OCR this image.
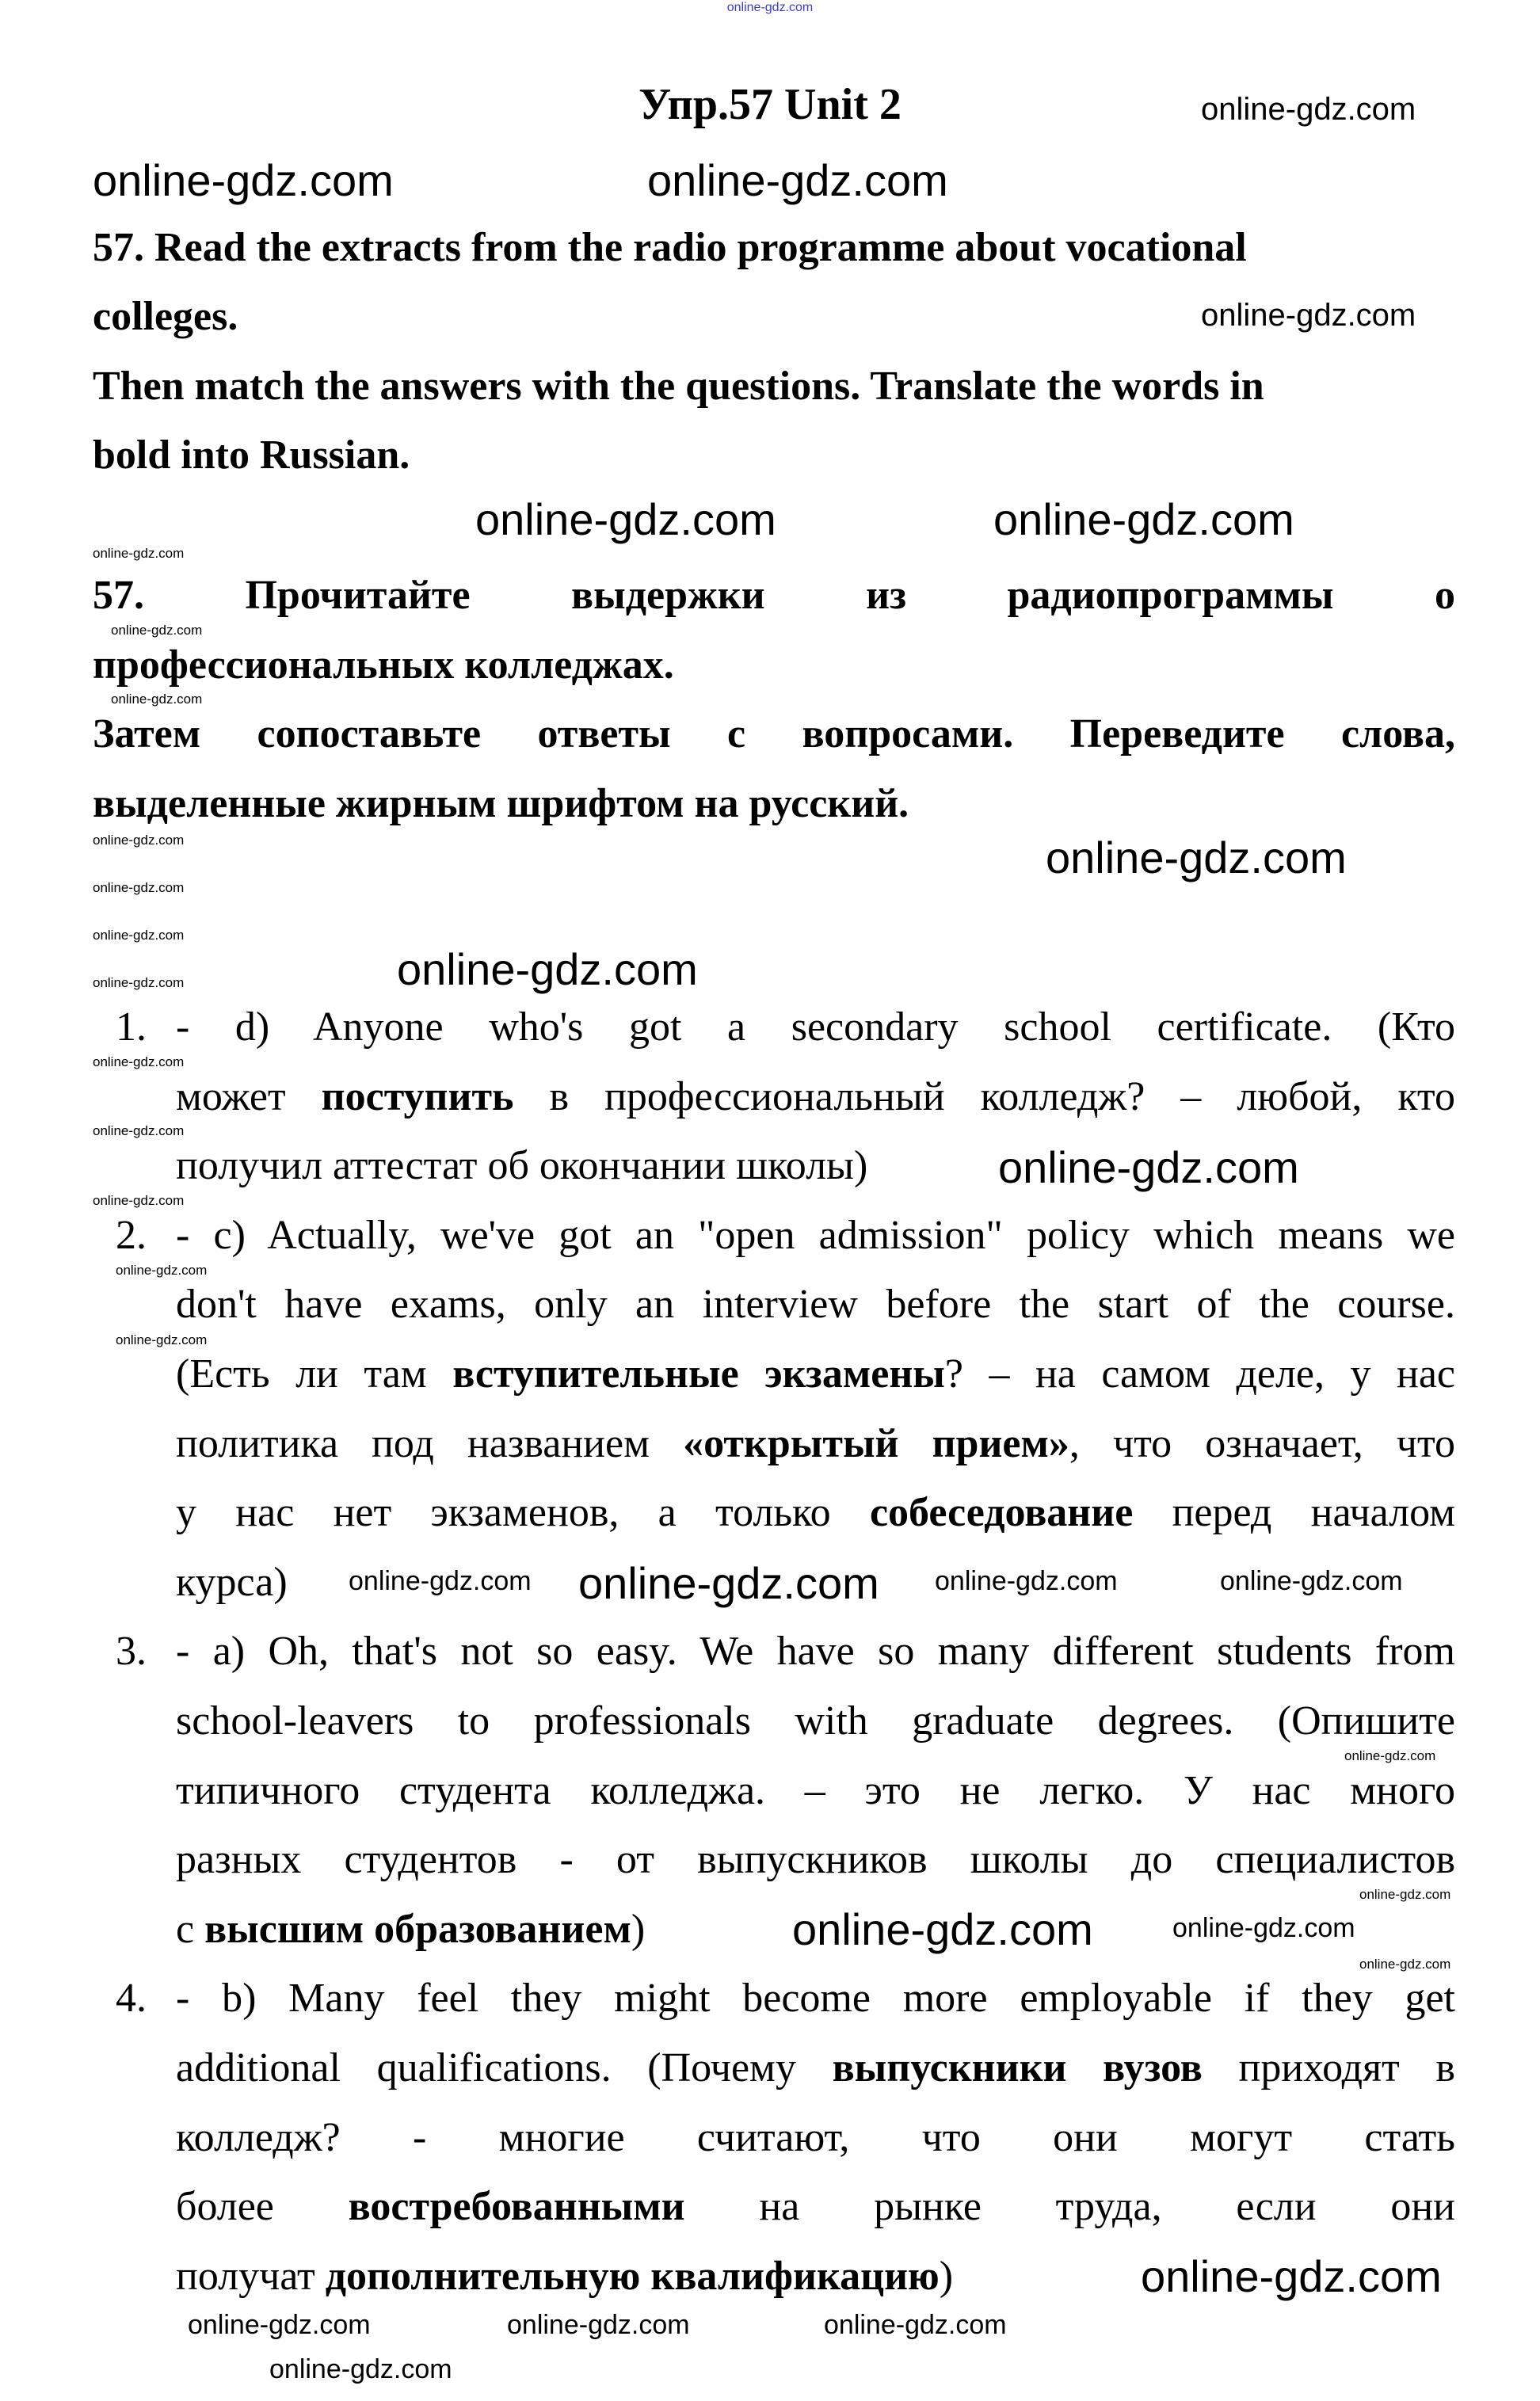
online-gdz.com
Упр.57 Unit 2
57. Read the extracts from the radio programme about vocational
colleges.
Then match the answers with the questions. Translate the words in
bold into Russian.
57. Прочитайте выдержки из радиопрограммы о
профессиональных колледжах.
Затем сопоставьте ответы с вопросами. Переведите слова,
выделенные жирным шрифтом на русский.
1. - d) Anyone who's got a secondary school certificate. (Кто
может поступить в профессиональный колледж? – любой, кто
получил аттестат об окончании школы)
2. - c) Actually, we've got an "open admission" policy which means we
don't have exams, only an interview before the start of the course.
(Есть ли там вступительные экзамены? – на самом деле, у нас
политика под названием «открытый прием», что означает, что
у нас нет экзаменов, а только собеседование перед началом
курса)
3. - a) Oh, that's not so easy. We have so many different students from
school-leavers to professionals with graduate degrees. (Опишите
типичного студента колледжа. – это не легко. У нас много
разных студентов - от выпускников школы до специалистов
с высшим образованием)
4. - b) Many feel they might become more employable if they get
additional qualifications. (Почему выпускники вузов приходят в
колледж? - многие считают, что они могут стать
более востребованными на рынке труда, если они
получат дополнительную квалификацию)
online-gdz.com
online-gdz.com	online-gdz.com
online-gdz.com
online-gdz.com
online-gdz.com	online-gdz.com
online-gdz.com
online-gdz.com
online-gdz.com
online-gdz.com
online-gdz.com
online-gdz.com
online-gdz.com
online-gdz.com
online-gdz.com
online-gdz.com
online-gdz.com
online-gdz.com
online-gdz.com
online-gdz.com
online-gdz.com online-gdz.com online-gdz.com	online-gdz.com
online-gdz.com
online-gdz.com
online-gdz.com	online-gdz.com
online-gdz.com
online-gdz.com
online-gdz.com	online-gdz.com	online-gdz.com
online-gdz.com
